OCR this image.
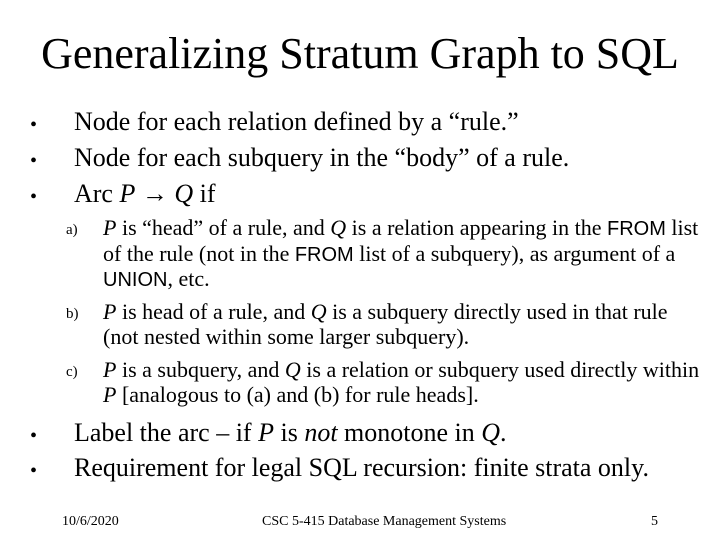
Generalizing Stratum Graph to SQL
• Node for each relation defined by a “rule.”
• Node for each subquery in the “body” of a rule.
• Arc P → Q if
a) P is “head” of a rule, and Q is a relation appearing in the FROM list of the rule (not in the FROM list of a subquery), as argument of a UNION, etc.
b) P is head of a rule, and Q is a subquery directly used in that rule (not nested within some larger subquery).
c) P is a subquery, and Q is a relation or subquery used directly within P [analogous to (a) and (b) for rule heads].
• Label the arc – if P is not monotone in Q.
• Requirement for legal SQL recursion: finite strata only.
10/6/2020	CSC 5-415 Database Management Systems	5
